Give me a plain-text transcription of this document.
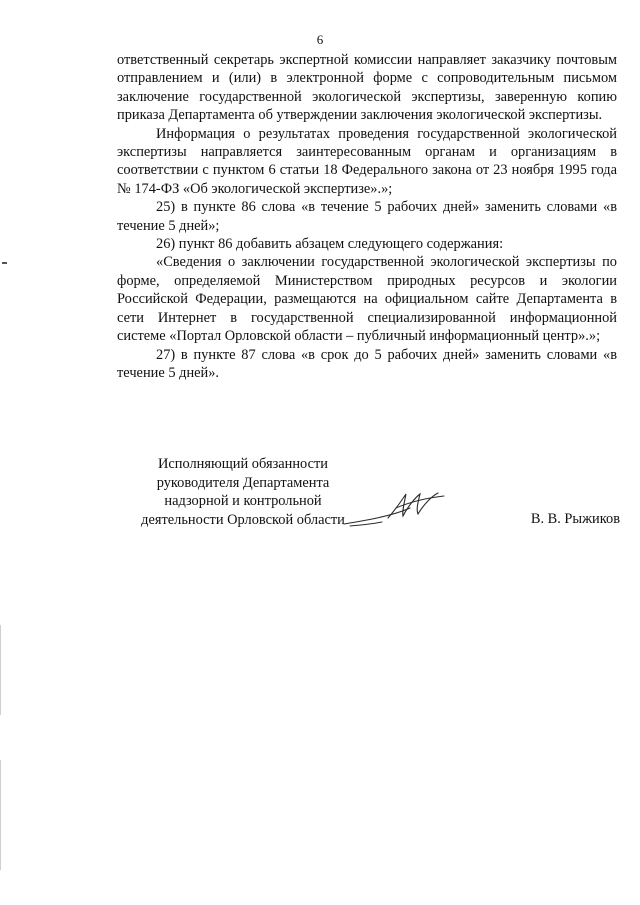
6

ответственный секретарь экспертной комиссии направляет заказчику почтовым отправлением и (или) в электронной форме с сопроводительным письмом заключение государственной экологической экспертизы, заверенную копию приказа Департамента об утверждении заключения экологической экспертизы.

Информация о результатах проведения государственной экологической экспертизы направляется заинтересованным органам и организациям в соответствии с пунктом 6 статьи 18 Федерального закона от 23 ноября 1995 года № 174-ФЗ «Об экологической экспертизе».»;

25) в пункте 86 слова «в течение 5 рабочих дней» заменить словами «в течение 5 дней»;

26) пункт 86 добавить абзацем следующего содержания:

«Сведения о заключении государственной экологической экспертизы по форме, определяемой Министерством природных ресурсов и экологии Российской Федерации, размещаются на официальном сайте Департамента в сети Интернет в государственной специализированной информационной системе «Портал Орловской области – публичный информационный центр».»;

27) в пункте 87 слова «в срок до 5 рабочих дней» заменить словами «в течение 5 дней».

Исполняющий обязанности
руководителя Департамента
надзорной и контрольной
деятельности Орловской области	В. В. Рыжиков
